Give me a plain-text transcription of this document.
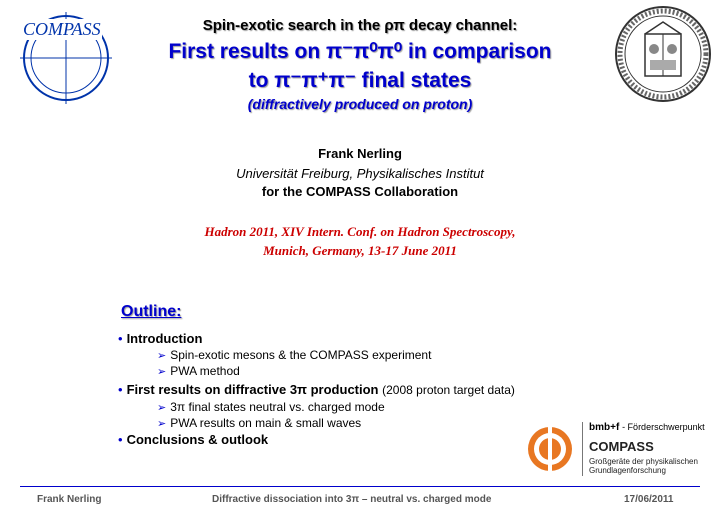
COMPASS	Spin-exotic search in the ρπ decay channel:
First results on π⁻π⁰π⁰ in comparison
to π⁻π⁺π⁻ final states
(diffractively produced on proton)
Frank Nerling
Universität Freiburg, Physikalisches Institut
for the COMPASS Collaboration
Hadron 2011, XIV Intern. Conf. on Hadron Spectroscopy,
Munich, Germany, 13-17 June 2011
Outline:
• Introduction
➢ Spin-exotic mesons & the COMPASS experiment
➢ PWA method
• First results on diffractive 3π production (2008 proton target data)
➢ 3π final states neutral vs. charged mode
➢ PWA results on main & small waves
• Conclusions & outlook
bmb+f - Förderschwerpunkt
COMPASS
Großgeräte der physikalischen
Grundlagenforschung
Frank Nerling	Diffractive dissociation into 3π – neutral vs. charged mode	17/06/2011
